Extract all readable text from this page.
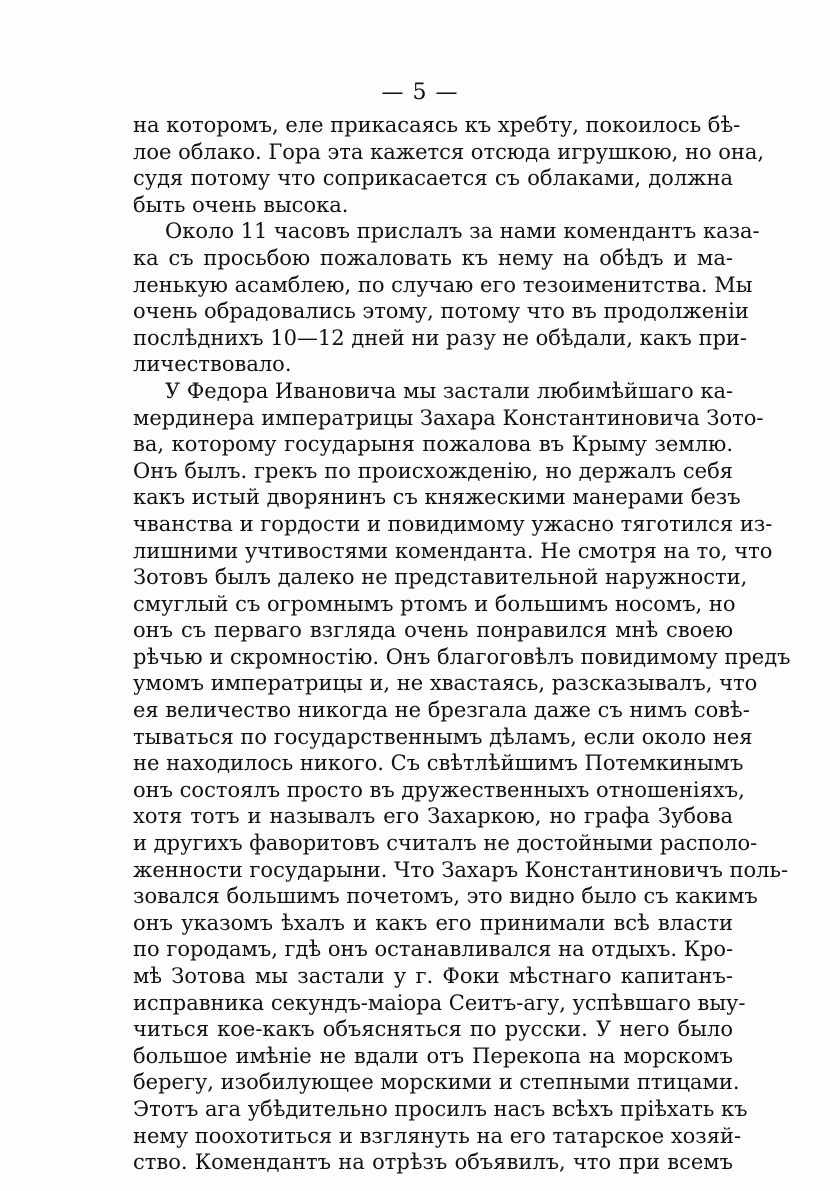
— 5 —
на которомъ, еле прикасаясь къ хребту, покоилось бѣ-
лое облако. Гора эта кажется отсюда игрушкою, но она,
судя потому что соприкасается съ облаками, должна
быть очень высока.
Около 11 часовъ прислалъ за нами комендантъ каза-
ка съ просьбою пожаловать къ нему на обѣдъ и ма-
ленькую асамблею, по случаю его тезоименитства. Мы
очень обрадовались этому, потому что въ продолженіи
послѣднихъ 10—12 дней ни разу не обѣдали, какъ при-
личествовало.
У Федора Ивановича мы застали любимѣйшаго ка-
мердинера императрицы Захара Константиновича Зото-
ва, которому государыня пожалова въ Крыму землю.
Онъ былъ. грекъ по происхожденію, но держалъ себя
какъ истый дворянинъ съ княжескими манерами безъ
чванства и гордости и повидимому ужасно тяготился из-
лишними учтивостями коменданта. Не смотря на то, что
Зотовъ былъ далеко не представительной наружности,
смуглый съ огромнымъ ртомъ и большимъ носомъ, но
онъ съ перваго взгляда очень понравился мнѣ своею
рѣчью и скромностію. Онъ благоговѣлъ повидимому предъ
умомъ императрицы и, не хвастаясь, разсказывалъ, что
ея величество никогда не брезгала даже съ нимъ совѣ-
тываться по государственнымъ дѣламъ, если около нея
не находилось никого. Съ свѣтлѣйшимъ Потемкинымъ
онъ состоялъ просто въ дружественныхъ отношеніяхъ,
хотя тотъ и называлъ его Захаркою, но графа Зубова
и другихъ фаворитовъ считалъ не достойными располо-
женности государыни. Что Захаръ Константиновичъ поль-
зовался большимъ почетомъ, это видно было съ какимъ
онъ указомъ ѣхалъ и какъ его принимали всѣ власти
по городамъ, гдѣ онъ останавливался на отдыхъ. Кро-
мѣ Зотова мы застали у г. Фоки мѣстнаго капитанъ-
исправника секундъ-маіора Сеитъ-агу, успѣвшаго выу-
читься кое-какъ объясняться по русски. У него было
большое имѣніе не вдали отъ Перекопа на морскомъ
берегу, изобилующее морскими и степными птицами.
Этотъ ага убѣдительно просилъ насъ всѣхъ пріѣхать къ
нему поохотиться и взглянуть на его татарское хозяй-
ство. Комендантъ на отрѣзъ объявилъ, что при всемъ
